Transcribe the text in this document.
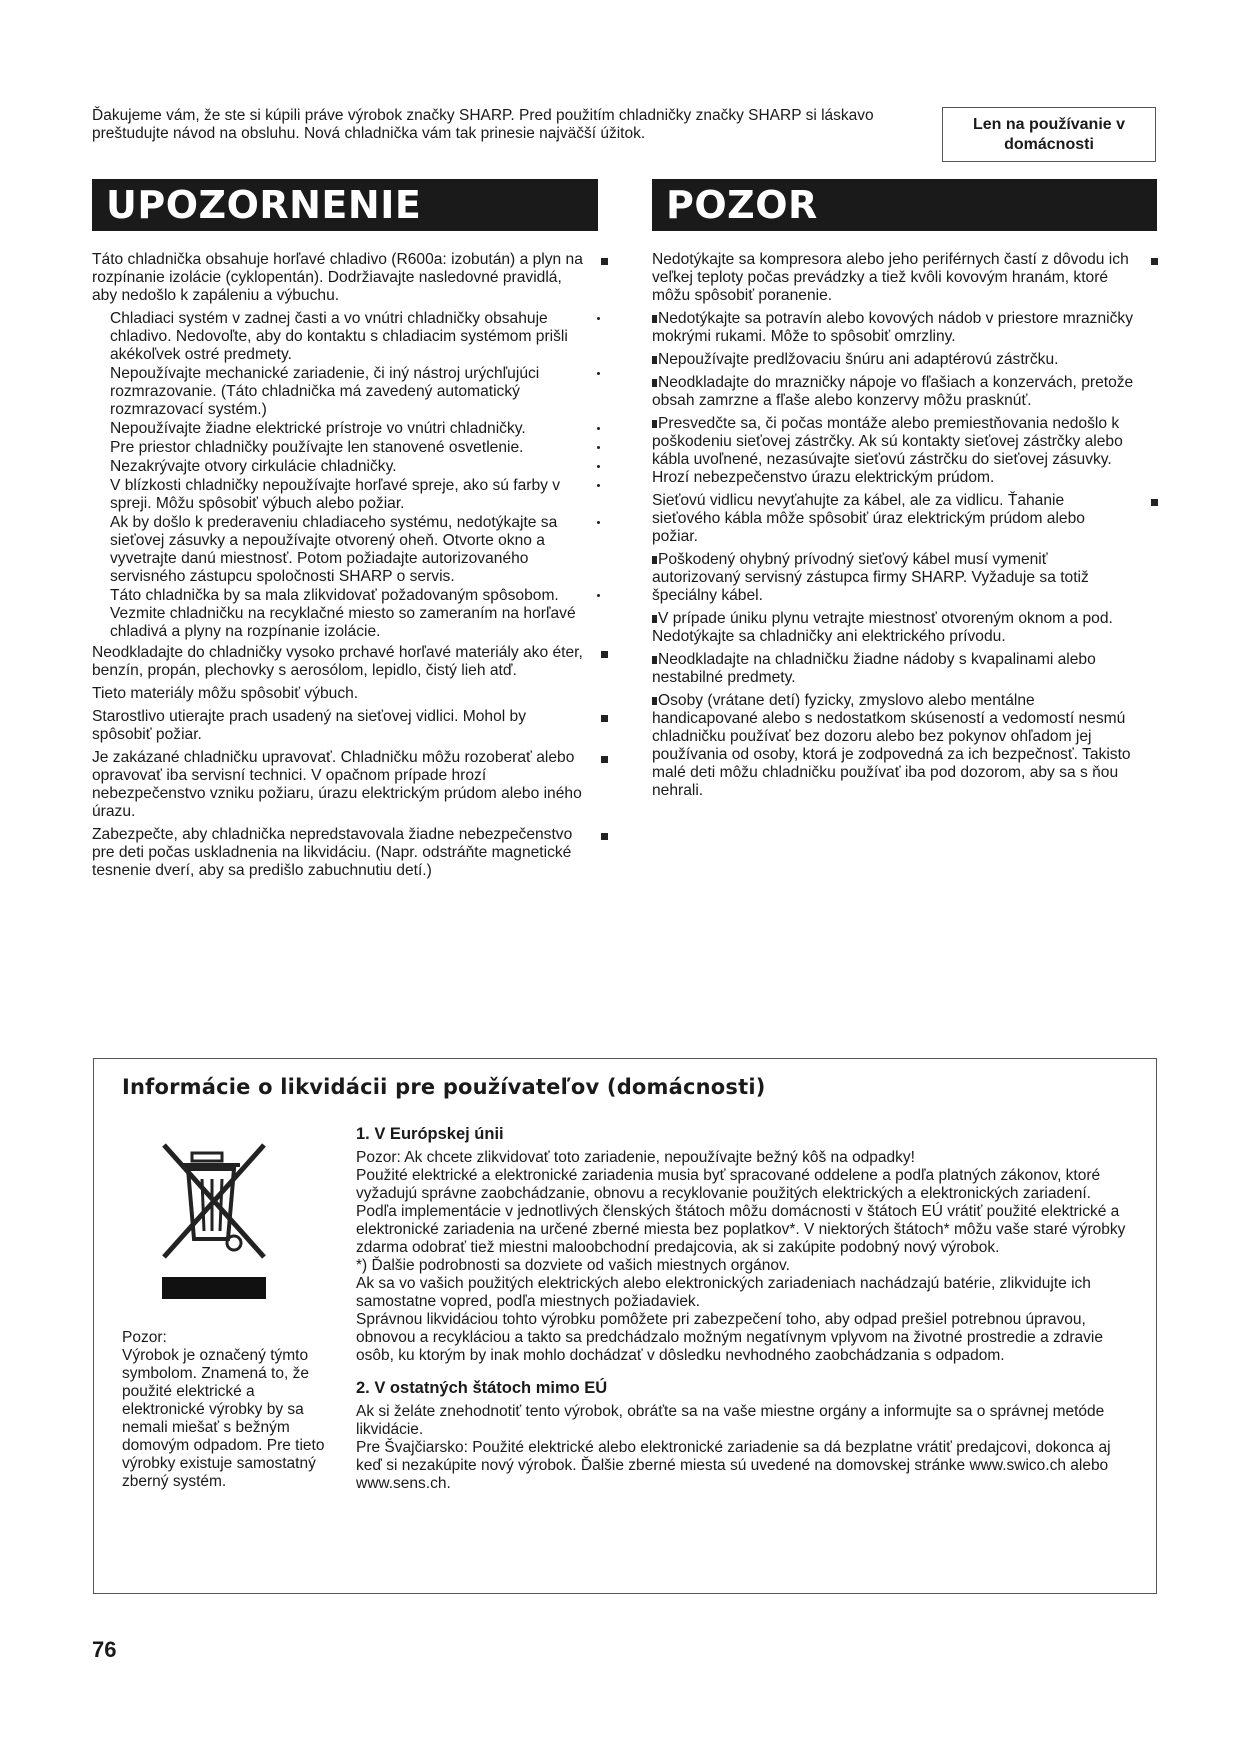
Ďakujeme vám, že ste si kúpili práve výrobok značky SHARP. Pred použitím chladničky značky SHARP si láskavo preštudujte návod na obsluhu. Nová chladnička vám tak prinesie najväčší úžitok.

Len na používanie v domácnosti
UPOZORNENIE	POZOR
Táto chladnička obsahuje horľavé chladivo (R600a: izobután) a plyn na rozpínanie izolácie (cyklopentán). Dodržiavajte nasledovné pravidlá, aby nedošlo k zapáleniu a výbuchu.
Chladiaci systém v zadnej časti a vo vnútri chladničky obsahuje chladivo. Nedovoľte, aby do kontaktu s chladiacim systémom prišli akékoľvek ostré predmety.
Nepoužívajte mechanické zariadenie, či iný nástroj urýchľujúci rozmrazovanie. (Táto chladnička má zavedený automatický rozmrazovací systém.)
Nepoužívajte žiadne elektrické prístroje vo vnútri chladničky.
Pre priestor chladničky používajte len stanovené osvetlenie.
Nezakrývajte otvory cirkulácie chladničky.
V blízkosti chladničky nepoužívajte horľavé spreje, ako sú farby v spreji. Môžu spôsobiť výbuch alebo požiar.
Ak by došlo k prederaveniu chladiaceho systému, nedotýkajte sa sieťovej zásuvky a nepoužívajte otvorený oheň. Otvorte okno a vyvetrajte danú miestnosť. Potom požiadajte autorizovaného servisného zástupcu spoločnosti SHARP o servis.
Táto chladnička by sa mala zlikvidovať požadovaným spôsobom. Vezmite chladničku na recyklačné miesto so zameraním na horľavé chladivá a plyny na rozpínanie izolácie.
Neodkladajte do chladničky vysoko prchavé horľavé materiály ako éter, benzín, propán, plechovky s aerosólom, lepidlo, čistý lieh atď.
Tieto materiály môžu spôsobiť výbuch.
Starostlivo utierajte prach usadený na sieťovej vidlici. Mohol by spôsobiť požiar.
Je zakázané chladničku upravovať. Chladničku môžu rozoberať alebo opravovať iba servisní technici. V opačnom prípade hrozí nebezpečenstvo vzniku požiaru, úrazu elektrickým prúdom alebo iného úrazu.
Zabezpečte, aby chladnička nepredstavovala žiadne nebezpečenstvo pre deti počas uskladnenia na likvidáciu. (Napr. odstráňte magnetické tesnenie dverí, aby sa predišlo zabuchnutiu detí.)
Nedotýkajte sa kompresora alebo jeho periférnych častí z dôvodu ich veľkej teploty počas prevádzky a tiež kvôli kovovým hranám, ktoré môžu spôsobiť poranenie.
Nedotýkajte sa potravín alebo kovových nádob v priestore mrazničky mokrými rukami. Môže to spôsobiť omrzliny.
Nepoužívajte predlžovaciu šnúru ani adaptérovú zástrčku.
Neodkladajte do mrazničky nápoje vo fľašiach a konzervách, pretože obsah zamrzne a fľaše alebo konzervy môžu prasknúť.
Presvedčte sa, či počas montáže alebo premiestňovania nedošlo k poškodeniu sieťovej zástrčky. Ak sú kontakty sieťovej zástrčky alebo kábla uvoľnené, nezasúvajte sieťovú zástrčku do sieťovej zásuvky. Hrozí nebezpečenstvo úrazu elektrickým prúdom.
Sieťovú vidlicu nevyťahujte za kábel, ale za vidlicu. Ťahanie sieťového kábla môže spôsobiť úraz elektrickým prúdom alebo požiar.
Poškodený ohybný prívodný sieťový kábel musí vymeniť autorizovaný servisný zástupca firmy SHARP. Vyžaduje sa totiž špeciálny kábel.
V prípade úniku plynu vetrajte miestnosť otvoreným oknom a pod. Nedotýkajte sa chladničky ani elektrického prívodu.
Neodkladajte na chladničku žiadne nádoby s kvapalinami alebo nestabilné predmety.
Osoby (vrátane detí) fyzicky, zmyslovo alebo mentálne handicapované alebo s nedostatkom skúseností a vedomostí nesmú chladničku používať bez dozoru alebo bez pokynov ohľadom jej používania od osoby, ktorá je zodpovedná za ich bezpečnosť. Takisto malé deti môžu chladničku používať iba pod dozorom, aby sa s ňou nehrali.
Informácie o likvidácii pre používateľov (domácnosti)

Pozor:

Výrobok je označený týmto symbolom. Znamená to, že použité elektrické a elektronické výrobky by sa nemali miešať s bežným domovým odpadom. Pre tieto výrobky existuje samostatný zberný systém.

1. V Európskej únii

Pozor: Ak chcete zlikvidovať toto zariadenie, nepoužívajte bežný kôš na odpadky!

Použité elektrické a elektronické zariadenia musia byť spracované oddelene a podľa platných zákonov, ktoré vyžadujú správne zaobchádzanie, obnovu a recyklovanie použitých elektrických a elektronických zariadení.

Podľa implementácie v jednotlivých členských štátoch môžu domácnosti v štátoch EÚ vrátiť použité elektrické a elektronické zariadenia na určené zberné miesta bez poplatkov*. V niektorých štátoch* môžu vaše staré výrobky zdarma odobrať tiež miestni maloobchodní predajcovia, ak si zakúpite podobný nový výrobok.

*) Ďalšie podrobnosti sa dozviete od vašich miestnych orgánov.

Ak sa vo vašich použitých elektrických alebo elektronických zariadeniach nachádzajú batérie, zlikvidujte ich samostatne vopred, podľa miestnych požiadaviek.

Správnou likvidáciou tohto výrobku pomôžete pri zabezpečení toho, aby odpad prešiel potrebnou úpravou, obnovou a recykláciou a takto sa predchádzalo možným negatívnym vplyvom na životné prostredie a zdravie osôb, ku ktorým by inak mohlo dochádzať v dôsledku nevhodného zaobchádzania s odpadom.

2. V ostatných štátoch mimo EÚ

Ak si želáte znehodnotiť tento výrobok, obráťte sa na vaše miestne orgány a informujte sa o správnej metóde likvidácie.

Pre Švajčiarsko: Použité elektrické alebo elektronické zariadenie sa dá bezplatne vrátiť predajcovi, dokonca aj keď si nezakúpite nový výrobok. Ďalšie zberné miesta sú uvedené na domovskej stránke www.swico.ch alebo www.sens.ch.

76
